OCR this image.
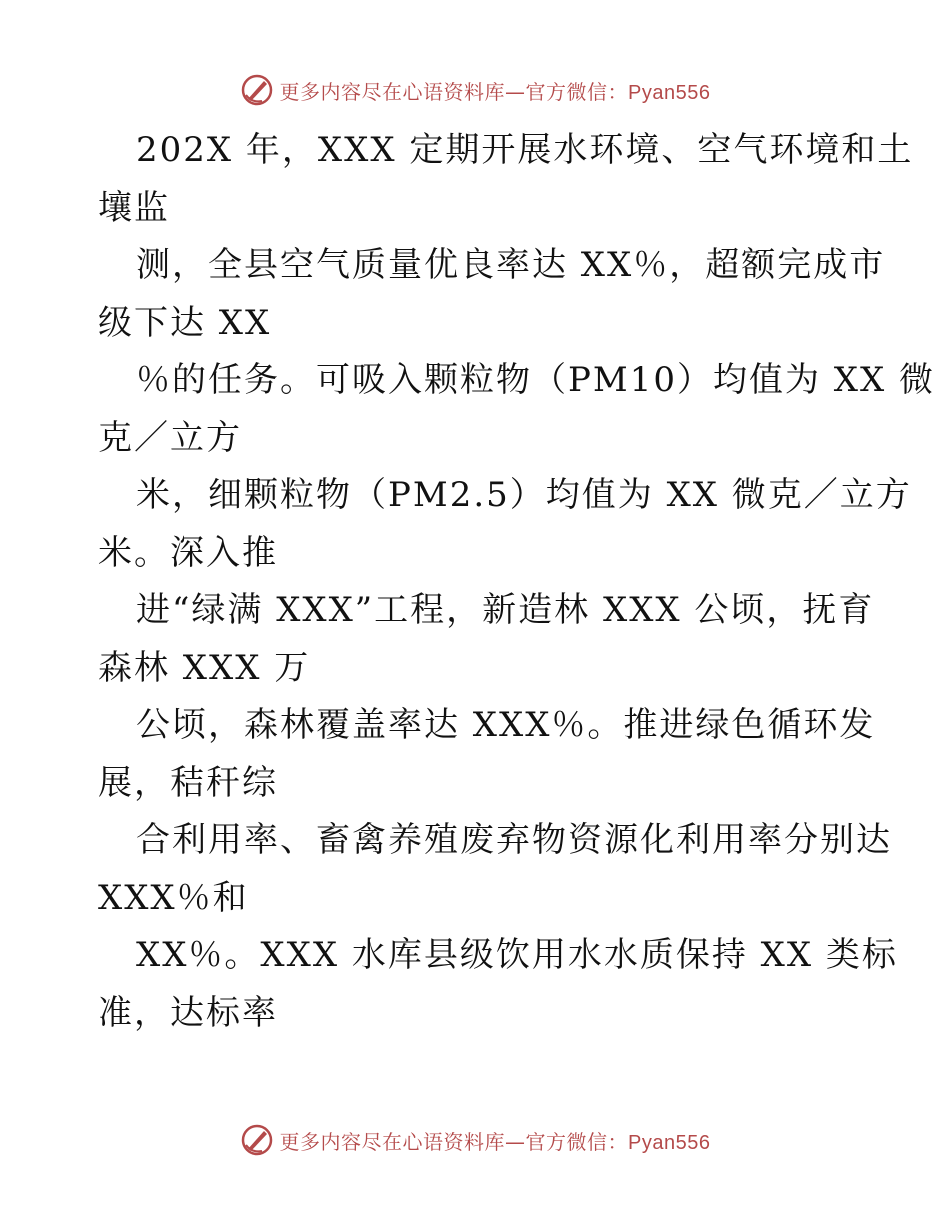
更多内容尽在心语资料库—官方微信：Pyan556
202X 年，XXX 定期开展水环境、空气环境和土
壤监
测，全县空气质量优良率达 XX％，超额完成市
级下达 XX
％的任务。可吸入颗粒物（PM10）均值为 XX 微
克／立方
米，细颗粒物（PM2.5）均值为 XX 微克／立方
米。深入推
进“绿满 XXX”工程，新造林 XXX 公顷，抚育
森林 XXX 万
公顷，森林覆盖率达 XXX％。推进绿色循环发
展，秸秆综
合利用率、畜禽养殖废弃物资源化利用率分别达
XXX％和
XX％。XXX 水库县级饮用水水质保持 XX 类标
准，达标率
更多内容尽在心语资料库—官方微信：Pyan556
